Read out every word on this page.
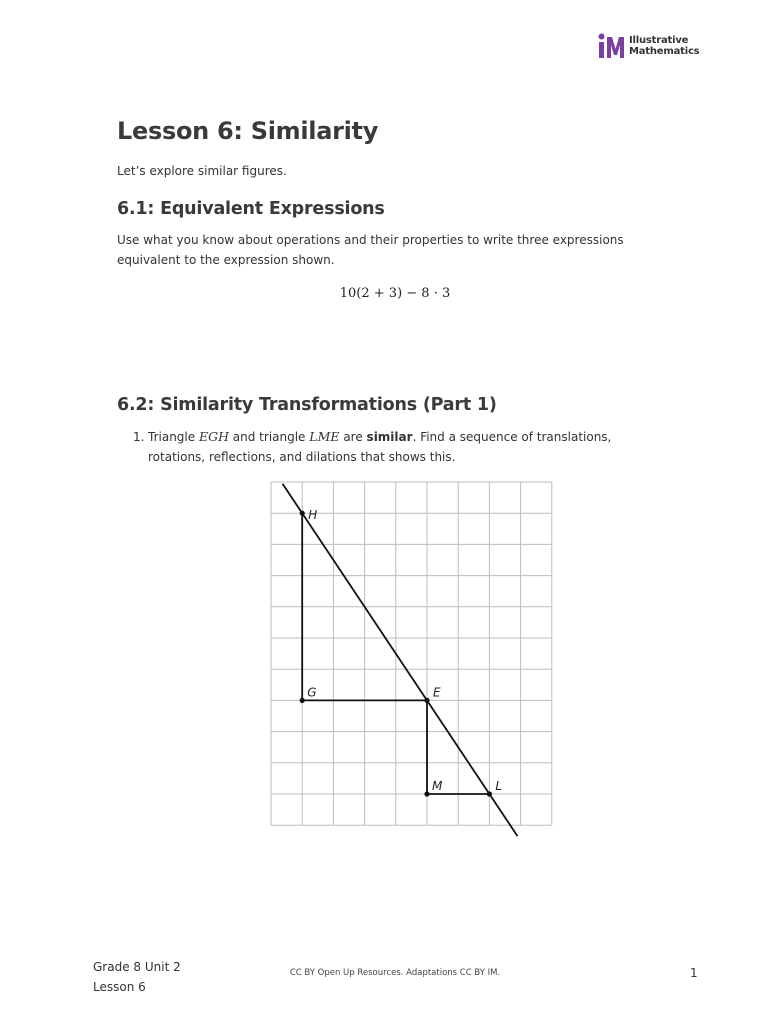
Illustrative
Mathematics
Lesson 6: Similarity

Let’s explore similar figures.

6.1: Equivalent Expressions

Use what you know about operations and their properties to write three expressions equivalent to the expression shown.

10(2 + 3) − 8 · 3
6.2: Similarity Transformations (Part 1)
1. Triangle EGH and triangle LME are similar. Find a sequence of translations, rotations, reflections, and dilations that shows this.
H
G	E
M	L
Grade 8 Unit 2
Lesson 6
CC BY Open Up Resources. Adaptations CC BY IM.	1
